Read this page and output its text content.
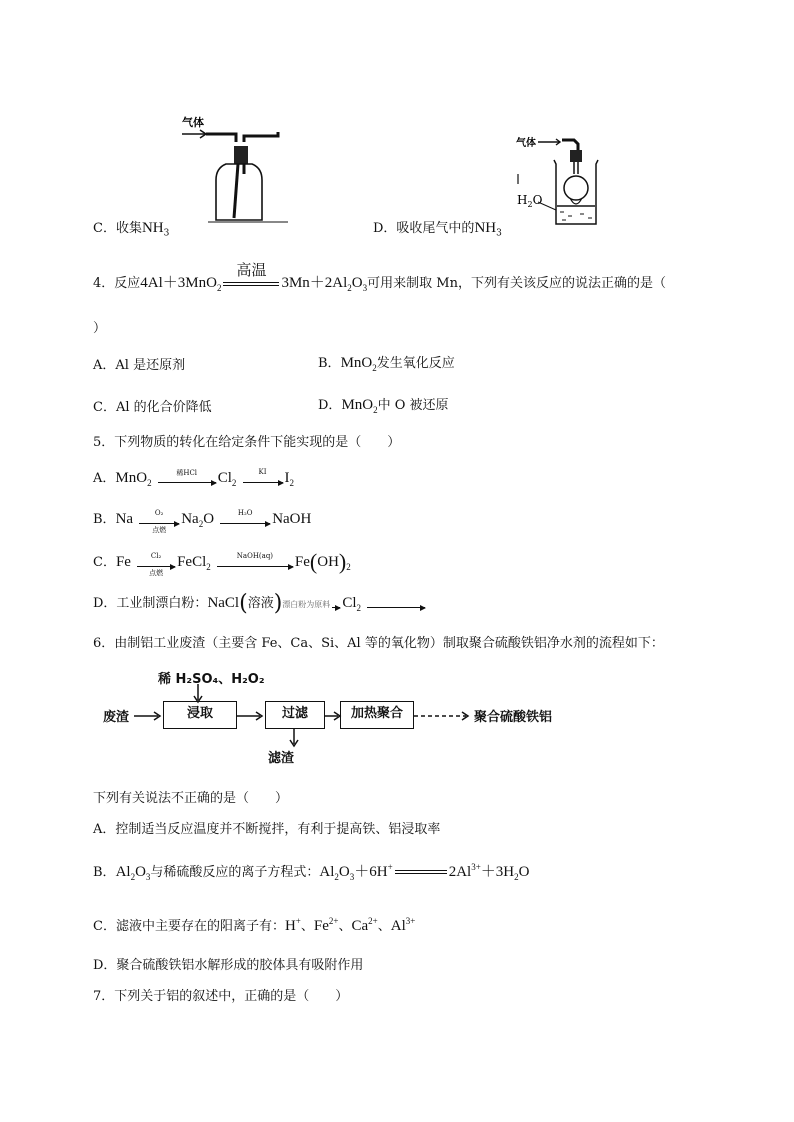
气体
气体
$H_2O$
C．收集$NH_3$	D．吸收尾气中的$NH_3$
4．反应4Al＋3MnO$_2$
高温
$3Mn+2Al_2O_3$可用来制取 Mn，下列有关该反应的说法正确的是（
）
A．Al 是还原剂	B．MnO$_2$发生氧化反应
C．Al 的化合价降低	D．MnO$_2$中 O 被还原
5．下列物质的转化在给定条件下能实现的是（　　）
A．MnO$_2$
稀HCl	$Cl_2$
KI	$I_2$
B．Na	O₂
点燃
$Na_2O$	H₂O	NaOH
C．Fe	Cl₂
点燃
FeCl$_2$
NaOH(aq)	$Fe(OH)_2$
D．工业制漂白粉：NaCl(溶液)漂白粉为原料 $Cl_2$
6．由制铝工业废渣（主要含 Fe、Ca、Si、Al 等的氧化物）制取聚合硫酸铁铝净水剂的流程如下：
稀 H₂SO₄、H₂O₂
废渣	浸取	过滤	加热聚合	聚合硫酸铁铝
滤渣
下列有关说法不正确的是（　　）
A．控制适当反应温度并不断搅拌，有利于提高铁、铝浸取率
B．$Al_2O_3$与稀硫酸反应的离子方程式：$Al_2O_3+6H^+$	$2Al^{3+}+3H_2O$
C．滤液中主要存在的阳离子有：H+、$Fe^{2+}$、$Ca^{2+}$、$Al^{3+}$
D．聚合硫酸铁铝水解形成的胶体具有吸附作用
7．下列关于铝的叙述中，正确的是（　　）
